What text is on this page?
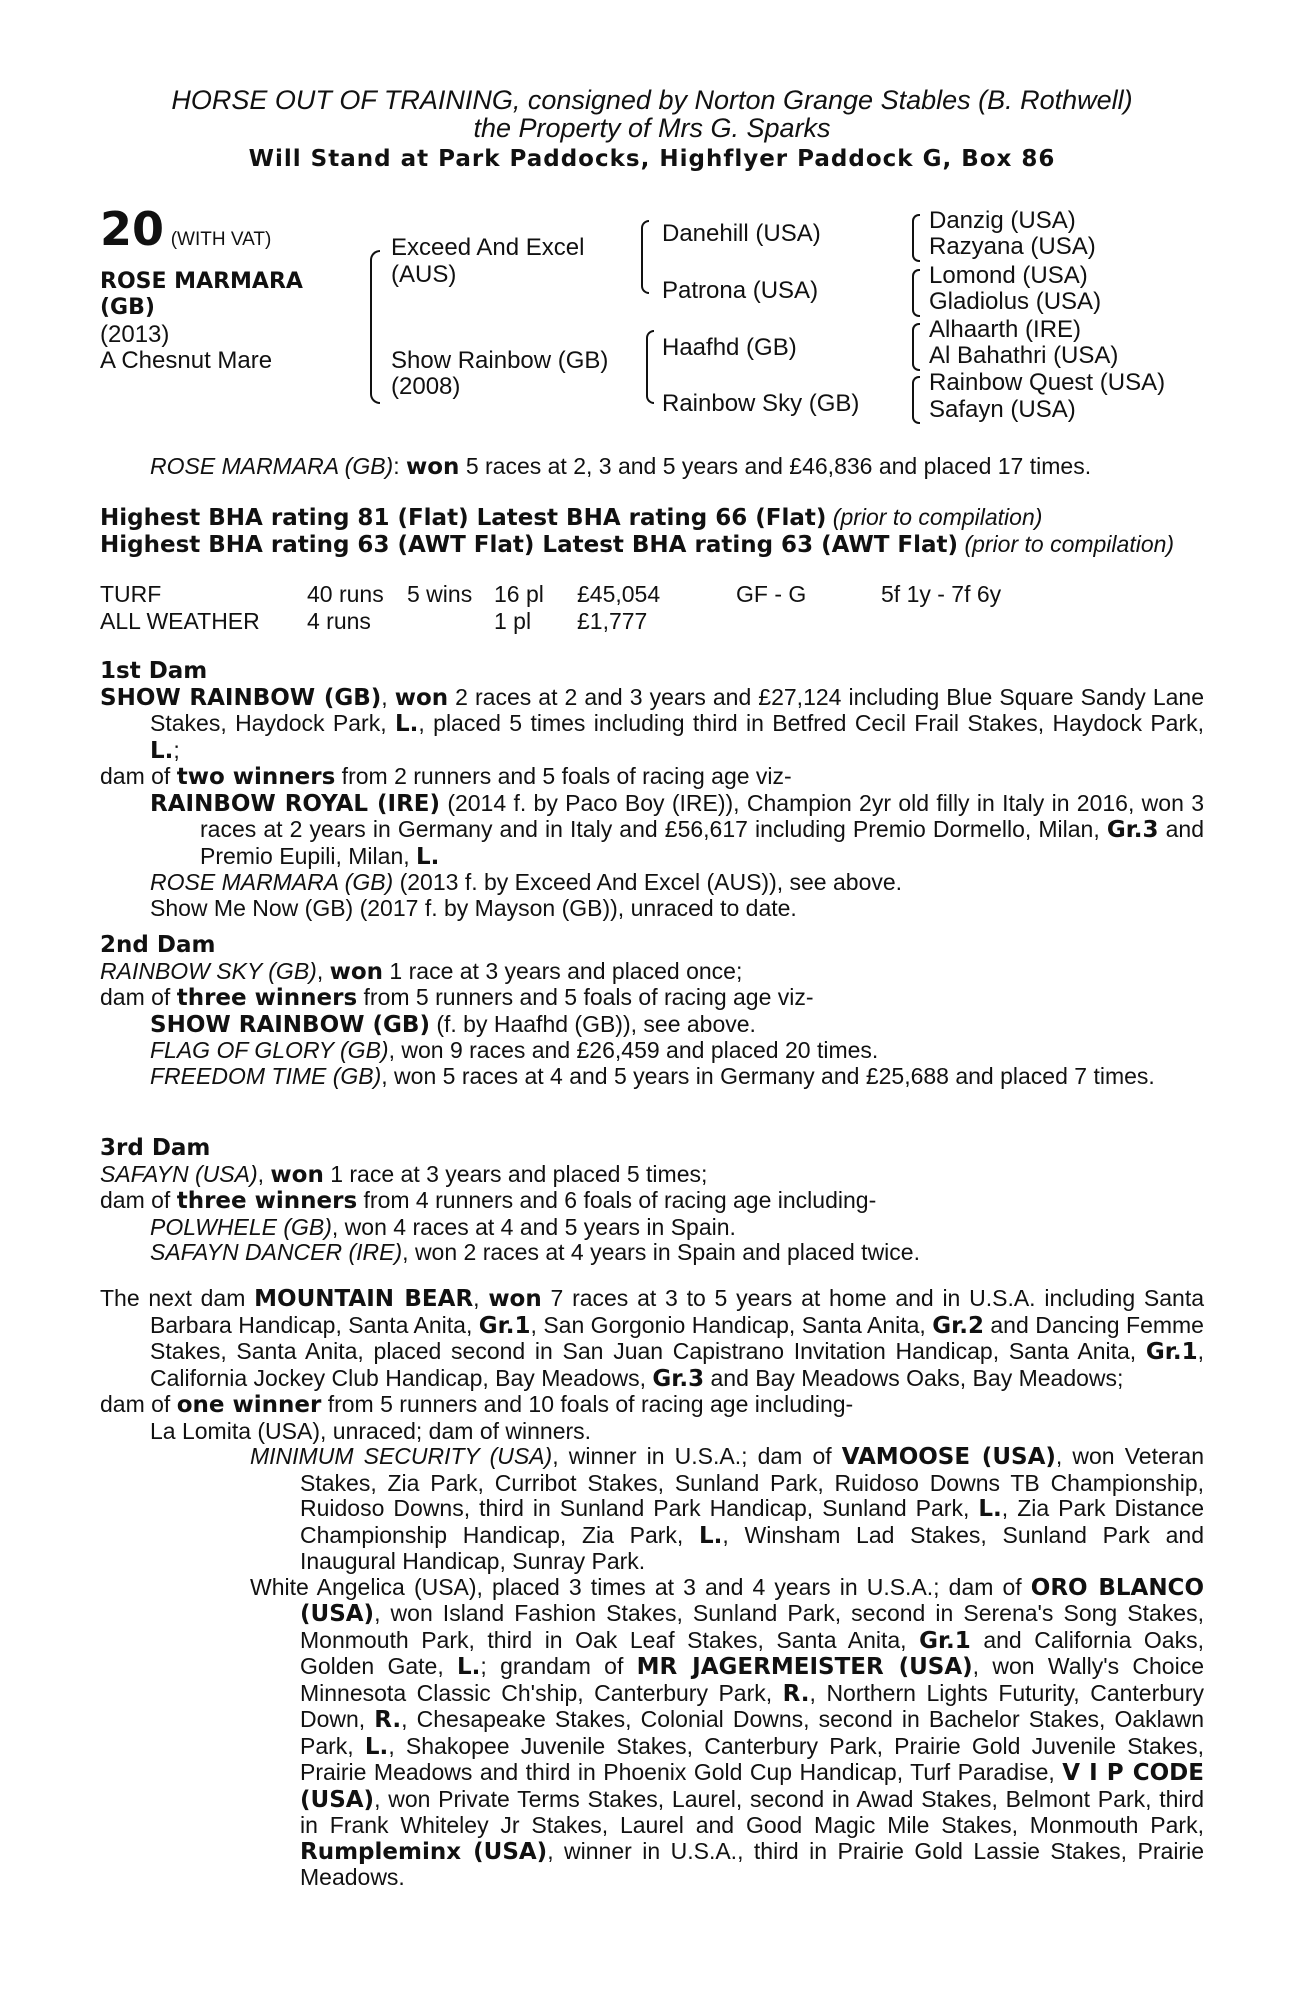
HORSE OUT OF TRAINING, consigned by Norton Grange Stables (B. Rothwell)
the Property of Mrs G. Sparks
Will Stand at Park Paddocks, Highflyer Paddock G, Box 86
20 (WITH VAT)
ROSE MARMARA
(GB)
(2013)
A Chesnut Mare
Exceed And Excel
(AUS)
Show Rainbow (GB)
(2008)
Danehill (USA)
Patrona (USA)
Haafhd (GB)
Rainbow Sky (GB)
Danzig (USA)
Razyana (USA)
Lomond (USA)
Gladiolus (USA)
Alhaarth (IRE)
Al Bahathri (USA)
Rainbow Quest (USA)
Safayn (USA)

ROSE MARMARA (GB): won 5 races at 2, 3 and 5 years and £46,836 and placed 17 times.

Highest BHA rating 81 (Flat) Latest BHA rating 66 (Flat) (prior to compilation)

Highest BHA rating 63 (AWT Flat) Latest BHA rating 63 (AWT Flat) (prior to compilation)

TURF	40 runs	5 wins	16 pl	£45,054	GF - G	5f 1y - 7f 6y
ALL WEATHER	4 runs		1 pl	£1,777		

1st Dam

SHOW RAINBOW (GB), won 2 races at 2 and 3 years and £27,124 including Blue Square Sandy Lane Stakes, Haydock Park, L., placed 5 times including third in Betfred Cecil Frail Stakes, Haydock Park, L.;

dam of two winners from 2 runners and 5 foals of racing age viz-

RAINBOW ROYAL (IRE) (2014 f. by Paco Boy (IRE)), Champion 2yr old filly in Italy in 2016, won 3 races at 2 years in Germany and in Italy and £56,617 including Premio Dormello, Milan, Gr.3 and Premio Eupili, Milan, L.

ROSE MARMARA (GB) (2013 f. by Exceed And Excel (AUS)), see above.

Show Me Now (GB) (2017 f. by Mayson (GB)), unraced to date.

2nd Dam

RAINBOW SKY (GB), won 1 race at 3 years and placed once;

dam of three winners from 5 runners and 5 foals of racing age viz-

SHOW RAINBOW (GB) (f. by Haafhd (GB)), see above.

FLAG OF GLORY (GB), won 9 races and £26,459 and placed 20 times.

FREEDOM TIME (GB), won 5 races at 4 and 5 years in Germany and £25,688 and placed 7 times.

3rd Dam

SAFAYN (USA), won 1 race at 3 years and placed 5 times;

dam of three winners from 4 runners and 6 foals of racing age including-

POLWHELE (GB), won 4 races at 4 and 5 years in Spain.

SAFAYN DANCER (IRE), won 2 races at 4 years in Spain and placed twice.

The next dam MOUNTAIN BEAR, won 7 races at 3 to 5 years at home and in U.S.A. including Santa Barbara Handicap, Santa Anita, Gr.1, San Gorgonio Handicap, Santa Anita, Gr.2 and Dancing Femme Stakes, Santa Anita, placed second in San Juan Capistrano Invitation Handicap, Santa Anita, Gr.1, California Jockey Club Handicap, Bay Meadows, Gr.3 and Bay Meadows Oaks, Bay Meadows;

dam of one winner from 5 runners and 10 foals of racing age including-

La Lomita (USA), unraced; dam of winners.

MINIMUM SECURITY (USA), winner in U.S.A.; dam of VAMOOSE (USA), won Veteran Stakes, Zia Park, Curribot Stakes, Sunland Park, Ruidoso Downs TB Championship, Ruidoso Downs, third in Sunland Park Handicap, Sunland Park, L., Zia Park Distance Championship Handicap, Zia Park, L., Winsham Lad Stakes, Sunland Park and Inaugural Handicap, Sunray Park.

White Angelica (USA), placed 3 times at 3 and 4 years in U.S.A.; dam of ORO BLANCO (USA), won Island Fashion Stakes, Sunland Park, second in Serena's Song Stakes, Monmouth Park, third in Oak Leaf Stakes, Santa Anita, Gr.1 and California Oaks, Golden Gate, L.; grandam of MR JAGERMEISTER (USA), won Wally's Choice Minnesota Classic Ch'ship, Canterbury Park, R., Northern Lights Futurity, Canterbury Down, R., Chesapeake Stakes, Colonial Downs, second in Bachelor Stakes, Oaklawn Park, L., Shakopee Juvenile Stakes, Canterbury Park, Prairie Gold Juvenile Stakes, Prairie Meadows and third in Phoenix Gold Cup Handicap, Turf Paradise, V I P CODE (USA), won Private Terms Stakes, Laurel, second in Awad Stakes, Belmont Park, third in Frank Whiteley Jr Stakes, Laurel and Good Magic Mile Stakes, Monmouth Park, Rumpleminx (USA), winner in U.S.A., third in Prairie Gold Lassie Stakes, Prairie Meadows.
